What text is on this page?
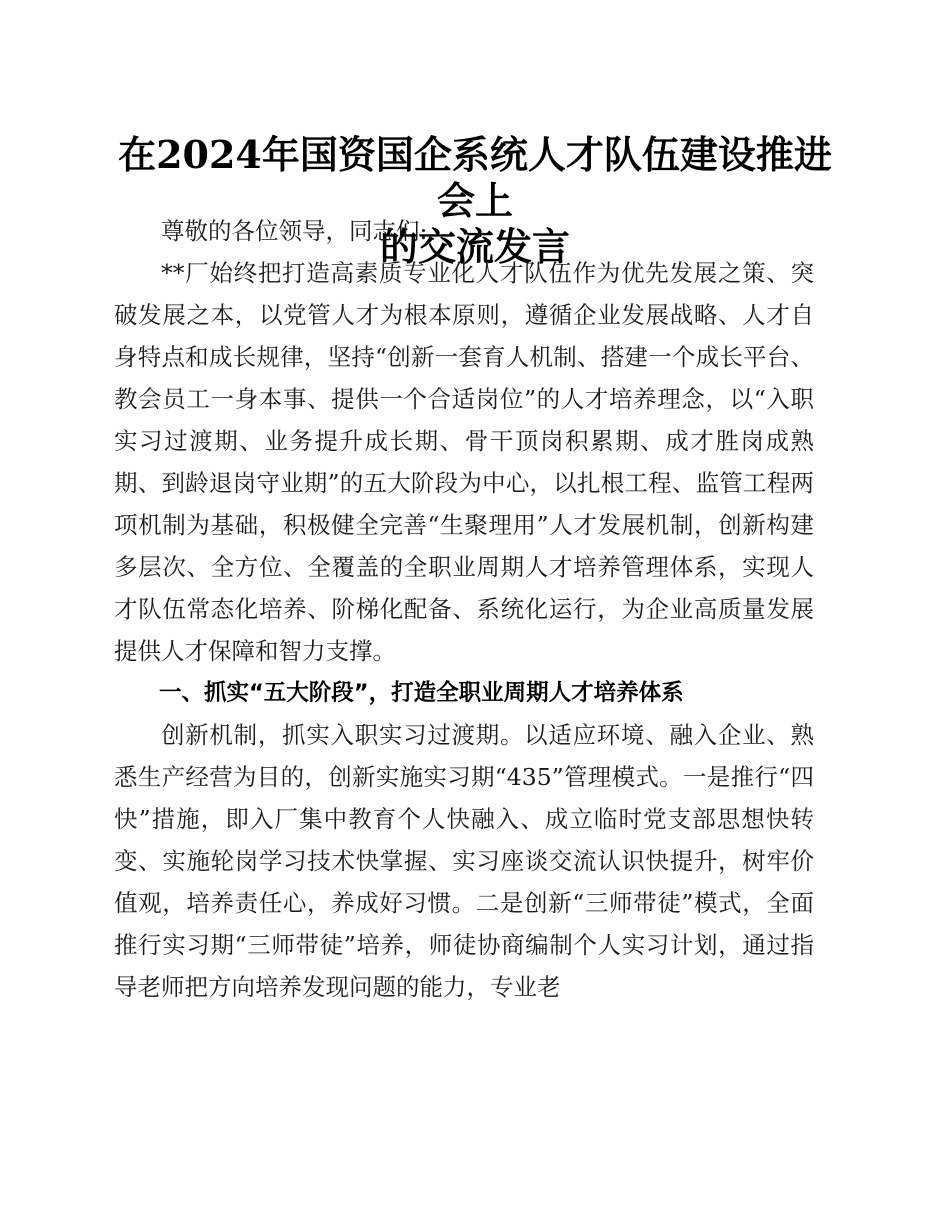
在2024年国资国企系统人才队伍建设推进会上
的交流发言

尊敬的各位领导，同志们:

**厂始终把打造高素质专业化人才队伍作为优先发展之策、突破发展之本，以党管人才为根本原则，遵循企业发展战略、人才自身特点和成长规律，坚持“创新一套育人机制、搭建一个成长平台、教会员工一身本事、提供一个合适岗位”的人才培养理念，以“入职实习过渡期、业务提升成长期、骨干顶岗积累期、成才胜岗成熟期、到龄退岗守业期”的五大阶段为中心，以扎根工程、监管工程两项机制为基础，积极健全完善“生聚理用”人才发展机制，创新构建多层次、全方位、全覆盖的全职业周期人才培养管理体系，实现人才队伍常态化培养、阶梯化配备、系统化运行，为企业高质量发展提供人才保障和智力支撑。

一、抓实“五大阶段”，打造全职业周期人才培养体系

创新机制，抓实入职实习过渡期。以适应环境、融入企业、熟悉生产经营为目的，创新实施实习期“435”管理模式。一是推行“四快”措施，即入厂集中教育个人快融入、成立临时党支部思想快转变、实施轮岗学习技术快掌握、实习座谈交流认识快提升，树牢价值观，培养责任心，养成好习惯。二是创新“三师带徒”模式，全面推行实习期“三师带徒”培养，师徒协商编制个人实习计划，通过指导老师把方向培养发现问题的能力，专业老
